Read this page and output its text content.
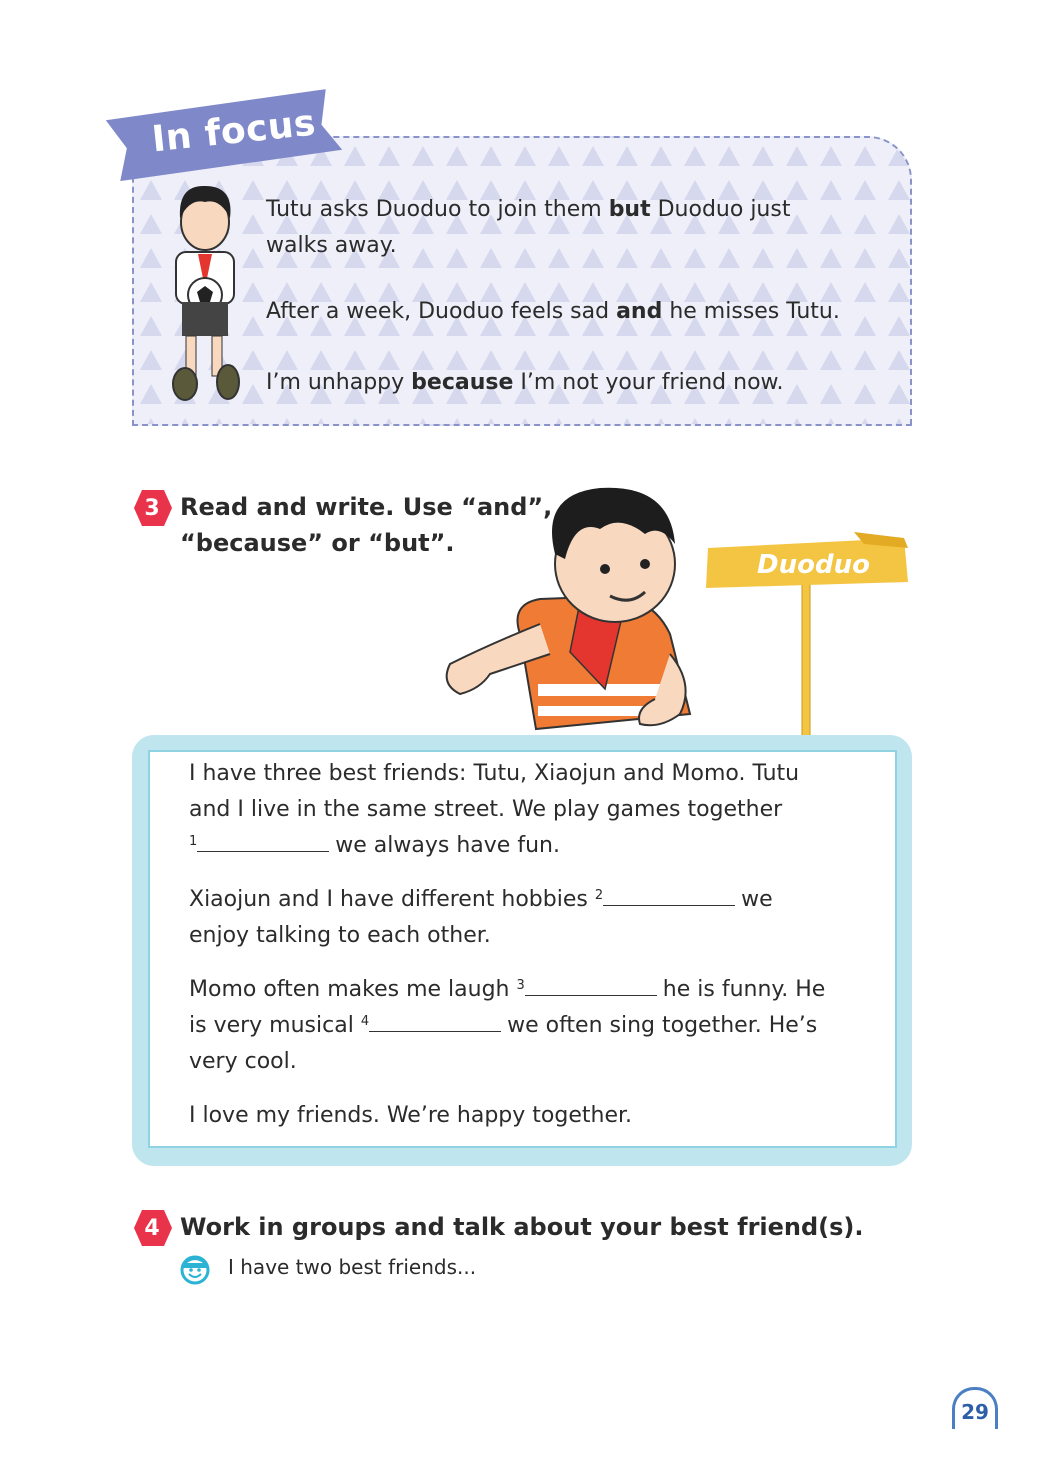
In focus
Tutu asks Duoduo to join them but Duoduo just
walks away.
After a week, Duoduo feels sad and he misses Tutu.
I’m unhappy because I’m not your friend now.
3 Read and write. Use “and”,
“because” or “but”.
Duoduo
I have three best friends: Tutu, Xiaojun and Momo. Tutu
and I live in the same street. We play games together
$^1$	we always have fun.
Xiaojun and I have different hobbies $^2$	we
enjoy talking to each other.
Momo often makes me laugh $^3$	he is funny. He
is very musical $^4$	we often sing together. He’s
very cool.
I love my friends. We’re happy together.
4 Work in groups and talk about your best friend(s).
I have two best friends...
29
